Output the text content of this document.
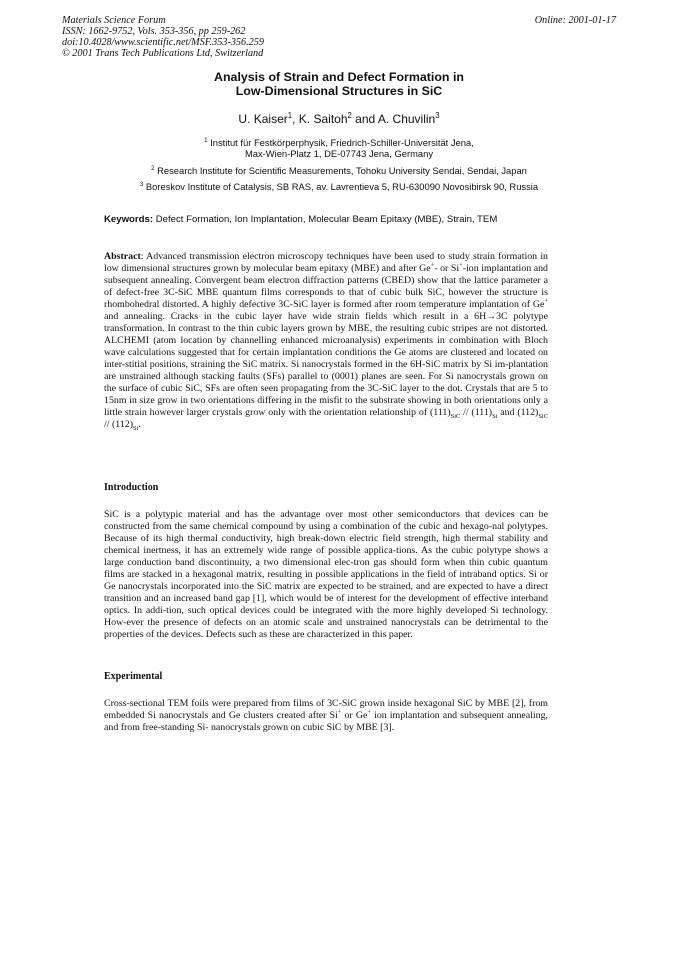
Materials Science Forum
ISSN: 1662-9752, Vols. 353-356, pp 259-262
doi:10.4028/www.scientific.net/MSF.353-356.259
© 2001 Trans Tech Publications Ltd, Switzerland
Online: 2001-01-17
Analysis of Strain and Defect Formation in
Low-Dimensional Structures in SiC
U. Kaiser$^1$, K. Saitoh$^2$ and A. Chuvilin$^3$
$^1$ Institut für Festkörperphysik, Friedrich-Schiller-Universität Jena,
Max-Wien-Platz 1, DE-07743 Jena, Germany
$^2$ Research Institute for Scientific Measurements, Tohoku University Sendai, Sendai, Japan
$^3$ Boreskov Institute of Catalysis, SB RAS, av. Lavrentieva 5, RU-630090 Novosibirsk 90, Russia
Keywords: Defect Formation, Ion Implantation, Molecular Beam Epitaxy (MBE), Strain, TEM
Abstract: Advanced transmission electron microscopy techniques have been used to study strain formation in low dimensional structures grown by molecular beam epitaxy (MBE) and after Ge+- or Si+-ion implantation and subsequent annealing. Convergent beam electron diffraction patterns (CBED) show that the lattice parameter a of defect-free 3C-SiC MBE quantum films corresponds to that of cubic bulk SiC, however the structure is rhombohedral distorted. A highly defective 3C-SiC layer is formed after room temperature implantation of Ge+ and annealing. Cracks in the cubic layer have wide strain fields which result in a 6H→3C polytype transformation. In contrast to the thin cubic layers grown by MBE, the resulting cubic stripes are not distorted. ALCHEMI (atom location by channelling enhanced microanalysis) experiments in combination with Bloch wave calculations suggested that for certain implantation conditions the Ge atoms are clustered and located on inter-stitial positions, straining the SiC matrix. Si nanocrystals formed in the 6H-SiC matrix by Si im-plantation are unstrained although stacking faults (SFs) parallel to (0001) planes are seen. For Si nanocrystals grown on the surface of cubic SiC, SFs are often seen propagating from the 3C-SiC layer to the dot. Crystals that are 5 to 15nm in size grow in two orientations differing in the misfit to the substrate showing in both orientations only a little strain however larger crystals grow only with the orientation relationship of $(111)_{SiC} // (111)_{Si}$ and $(112)_{SiC} // (112)_{Si}$.
Introduction
SiC is a polytypic material and has the advantage over most other semiconductors that devices can be constructed from the same chemical compound by using a combination of the cubic and hexago-nal polytypes. Because of its high thermal conductivity, high break-down electric field strength, high thermal stability and chemical inertness, it has an extremely wide range of possible applica-tions. As the cubic polytype shows a large conduction band discontinuity, a two dimensional elec-tron gas should form when thin cubic quantum films are stacked in a hexagonal matrix, resulting in possible applications in the field of intraband optics. Si or Ge nanocrystals incorporated into the SiC matrix are expected to be strained, and are expected to have a direct transition and an increased band gap [1], which would be of interest for the development of effective interband optics. In addi-tion, such optical devices could be integrated with the more highly developed Si technology. How-ever the presence of defects on an atomic scale and unstrained nanocrystals can be detrimental to the properties of the devices. Defects such as these are characterized in this paper.
Experimental
Cross-sectional TEM foils were prepared from films of 3C-SiC grown inside hexagonal SiC by MBE [2], from embedded Si nanocrystals and Ge clusters created after Si+ or Ge+ ion implantation and subsequent annealing, and from free-standing Si- nanocrystals grown on cubic SiC by MBE [3].
